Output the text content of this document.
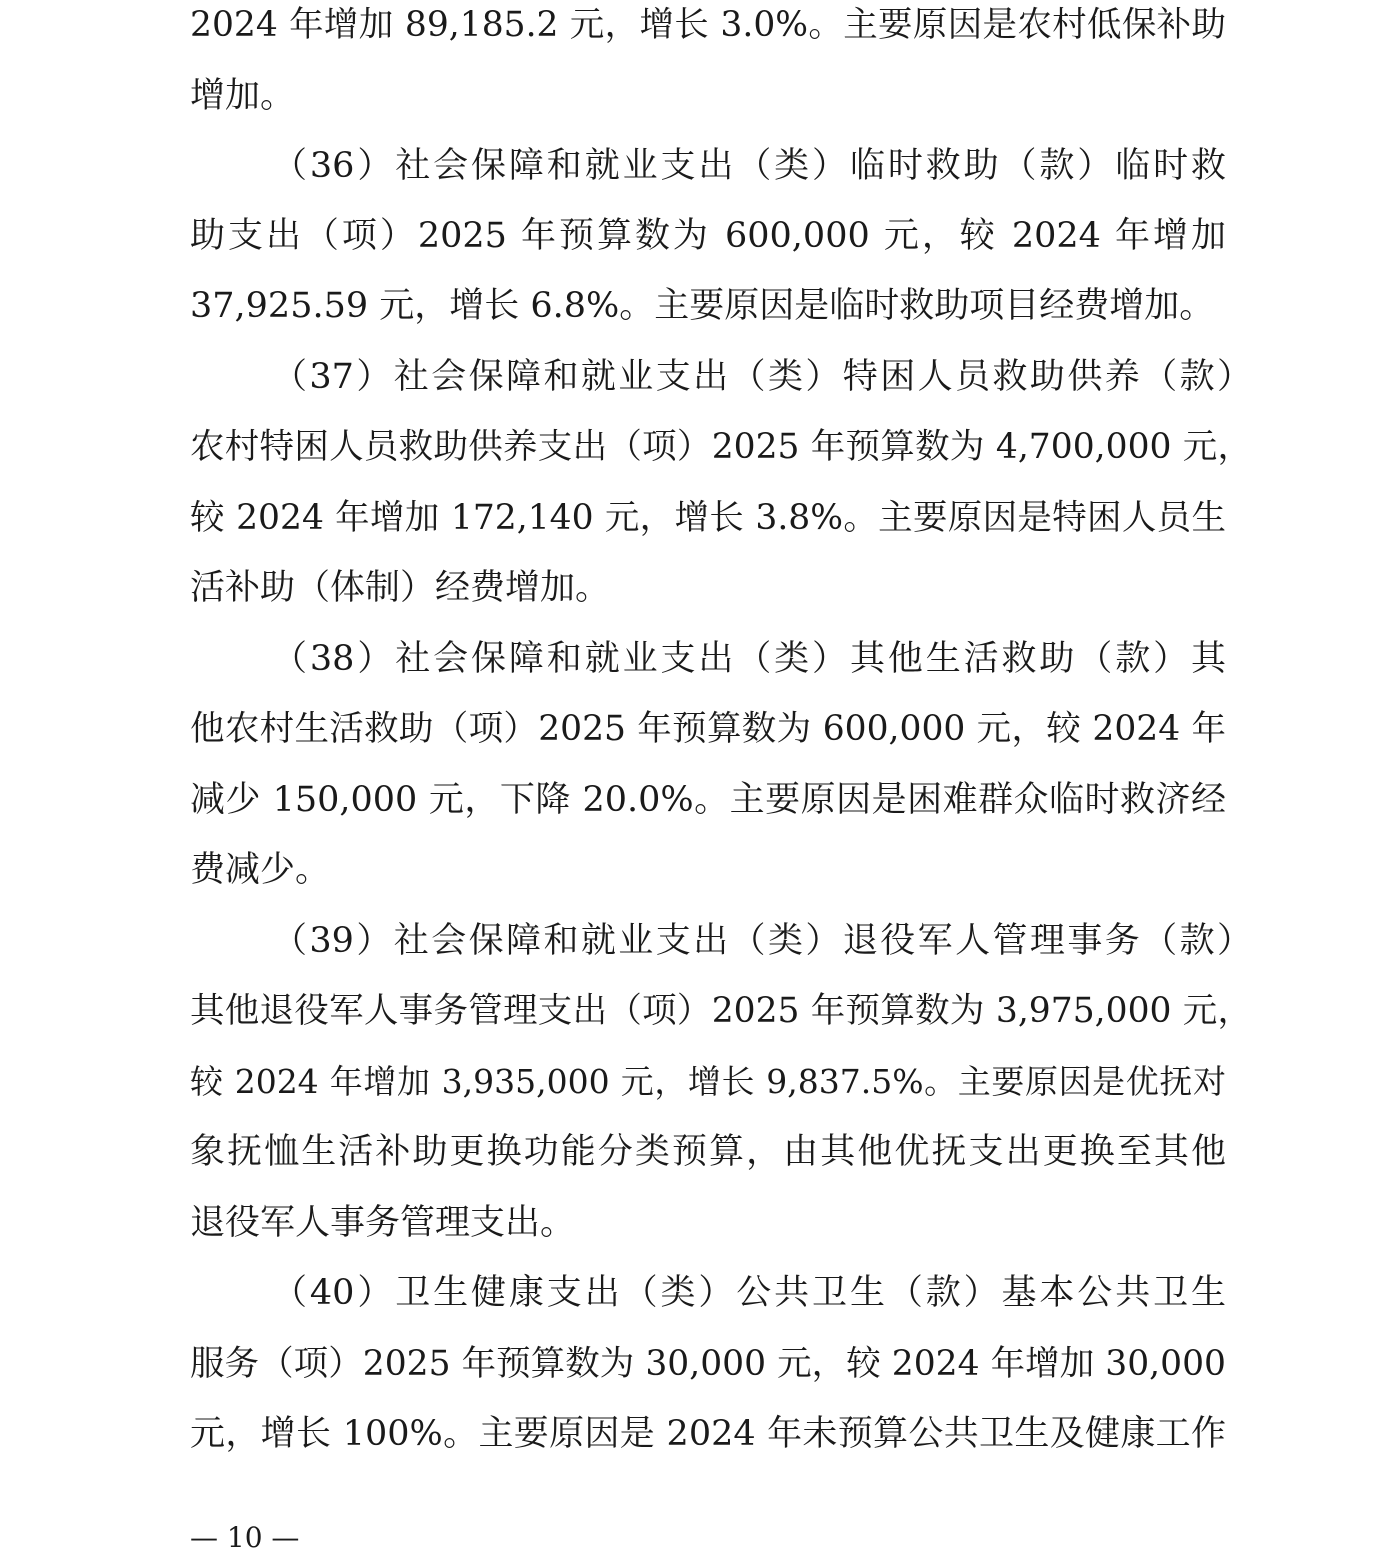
2024 年增加 89,185.2 元，增长 3.0%。主要原因是农村低保补助
增加。
（36）社会保障和就业支出（类）临时救助（款）临时救
助支出（项）2025 年预算数为 600,000 元，较 2024 年增加
37,925.59 元，增长 6.8%。主要原因是临时救助项目经费增加。
（37）社会保障和就业支出（类）特困人员救助供养（款）
农村特困人员救助供养支出（项）2025 年预算数为 4,700,000 元，
较 2024 年增加 172,140 元，增长 3.8%。主要原因是特困人员生
活补助（体制）经费增加。
（38）社会保障和就业支出（类）其他生活救助（款）其
他农村生活救助（项）2025 年预算数为 600,000 元，较 2024 年
减少 150,000 元，下降 20.0%。主要原因是困难群众临时救济经
费减少。
（39）社会保障和就业支出（类）退役军人管理事务（款）
其他退役军人事务管理支出（项）2025 年预算数为 3,975,000 元，
较 2024 年增加 3,935,000 元，增长 9,837.5%。主要原因是优抚对
象抚恤生活补助更换功能分类预算，由其他优抚支出更换至其他
退役军人事务管理支出。
（40）卫生健康支出（类）公共卫生（款）基本公共卫生
服务（项）2025 年预算数为 30,000 元，较 2024 年增加 30,000
元，增长 100%。主要原因是 2024 年未预算公共卫生及健康工作
— 10 —
